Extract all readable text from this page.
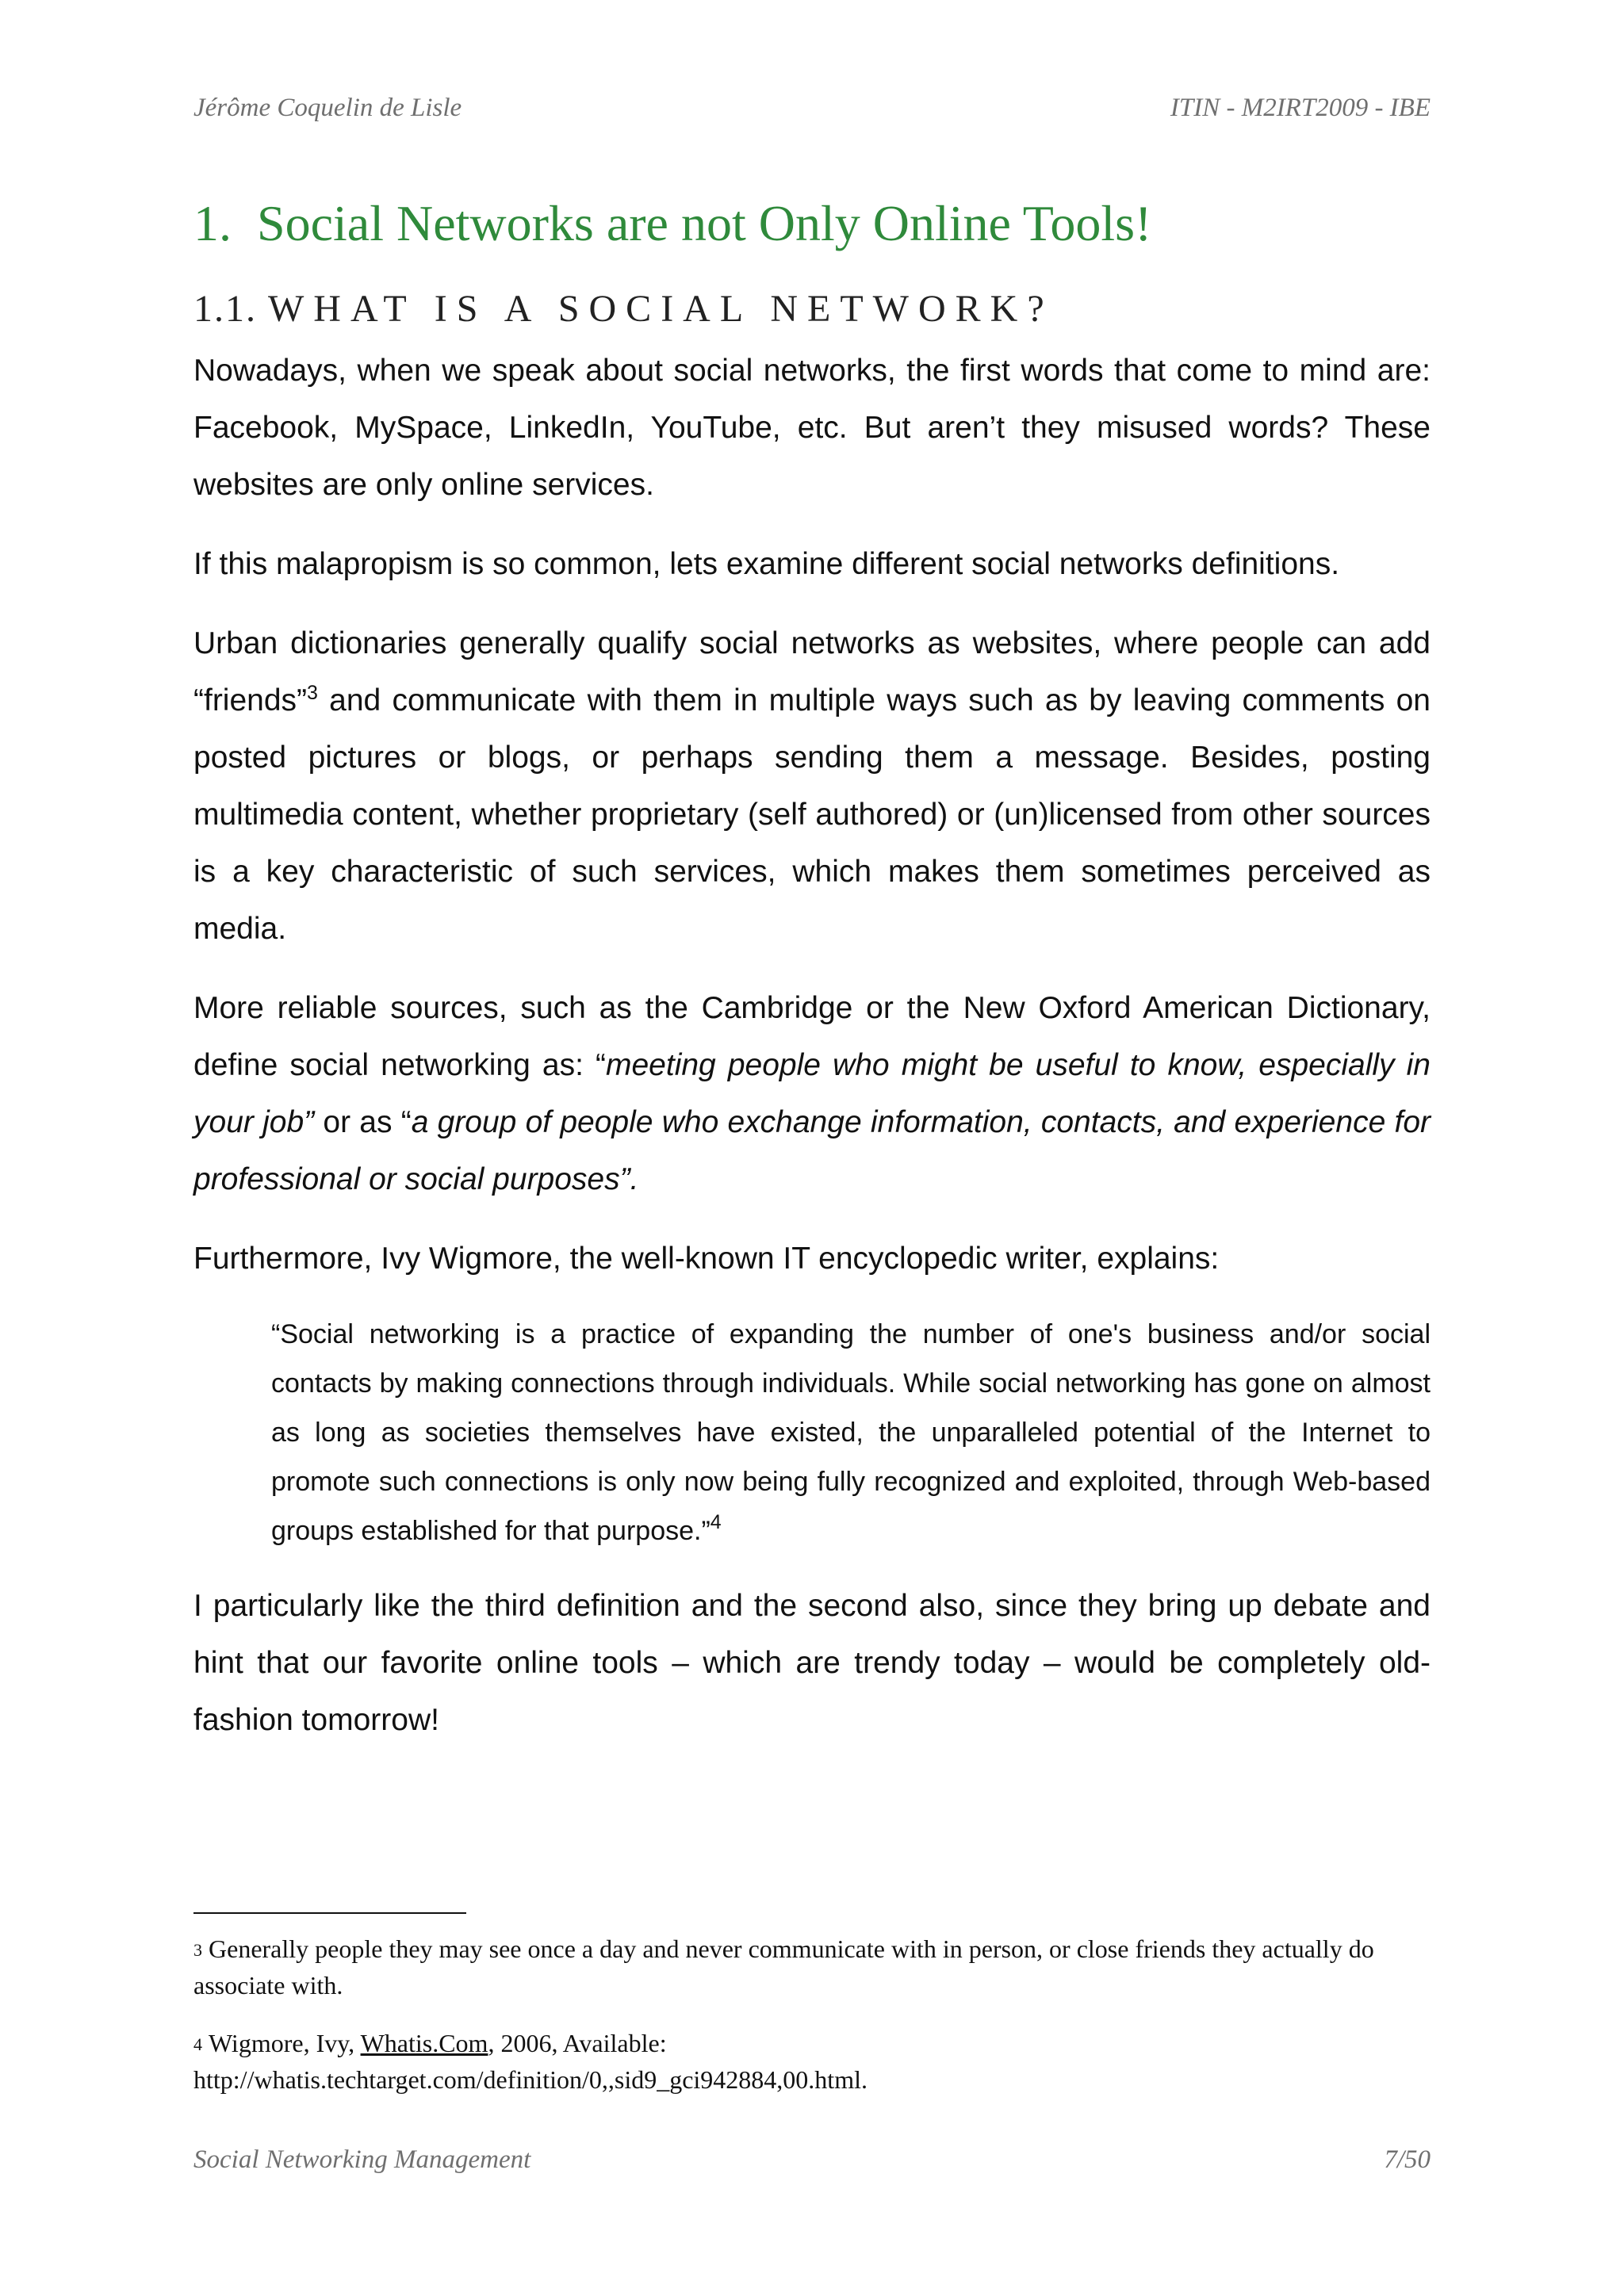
Jérôme Coquelin de Lisle	ITIN - M2IRT2009 - IBE
1. Social Networks are not Only Online Tools!
1.1. WHAT IS A SOCIAL NETWORK?

Nowadays, when we speak about social networks, the first words that come to mind are: Facebook, MySpace, LinkedIn, YouTube, etc. But aren’t they misused words? These websites are only online services.

If this malapropism is so common, lets examine different social networks definitions.

Urban dictionaries generally qualify social networks as websites, where people can add “friends”$^3$ and communicate with them in multiple ways such as by leaving comments on posted pictures or blogs, or perhaps sending them a message. Besides, posting multimedia content, whether proprietary (self authored) or (un)licensed from other sources is a key characteristic of such services, which makes them sometimes perceived as media.

More reliable sources, such as the Cambridge or the New Oxford American Dictionary, define social networking as: “meeting people who might be useful to know, especially in your job” or as “a group of people who exchange information, contacts, and experience for professional or social purposes”.

Furthermore, Ivy Wigmore, the well-known IT encyclopedic writer, explains:

“Social networking is a practice of expanding the number of one's business and/or social contacts by making connections through individuals. While social networking has gone on almost as long as societies themselves have existed, the unparalleled potential of the Internet to promote such connections is only now being fully recognized and exploited, through Web-based groups established for that purpose.”$^4$

I particularly like the third definition and the second also, since they bring up debate and hint that our favorite online tools – which are trendy today – would be completely old-fashion tomorrow!

3 Generally people they may see once a day and never communicate with in person, or close friends they actually do associate with.

4 Wigmore, Ivy, Whatis.Com, 2006, Available:
http://whatis.techtarget.com/definition/0,,sid9_gci942884,00.html.

Social Networking Management	7/50
